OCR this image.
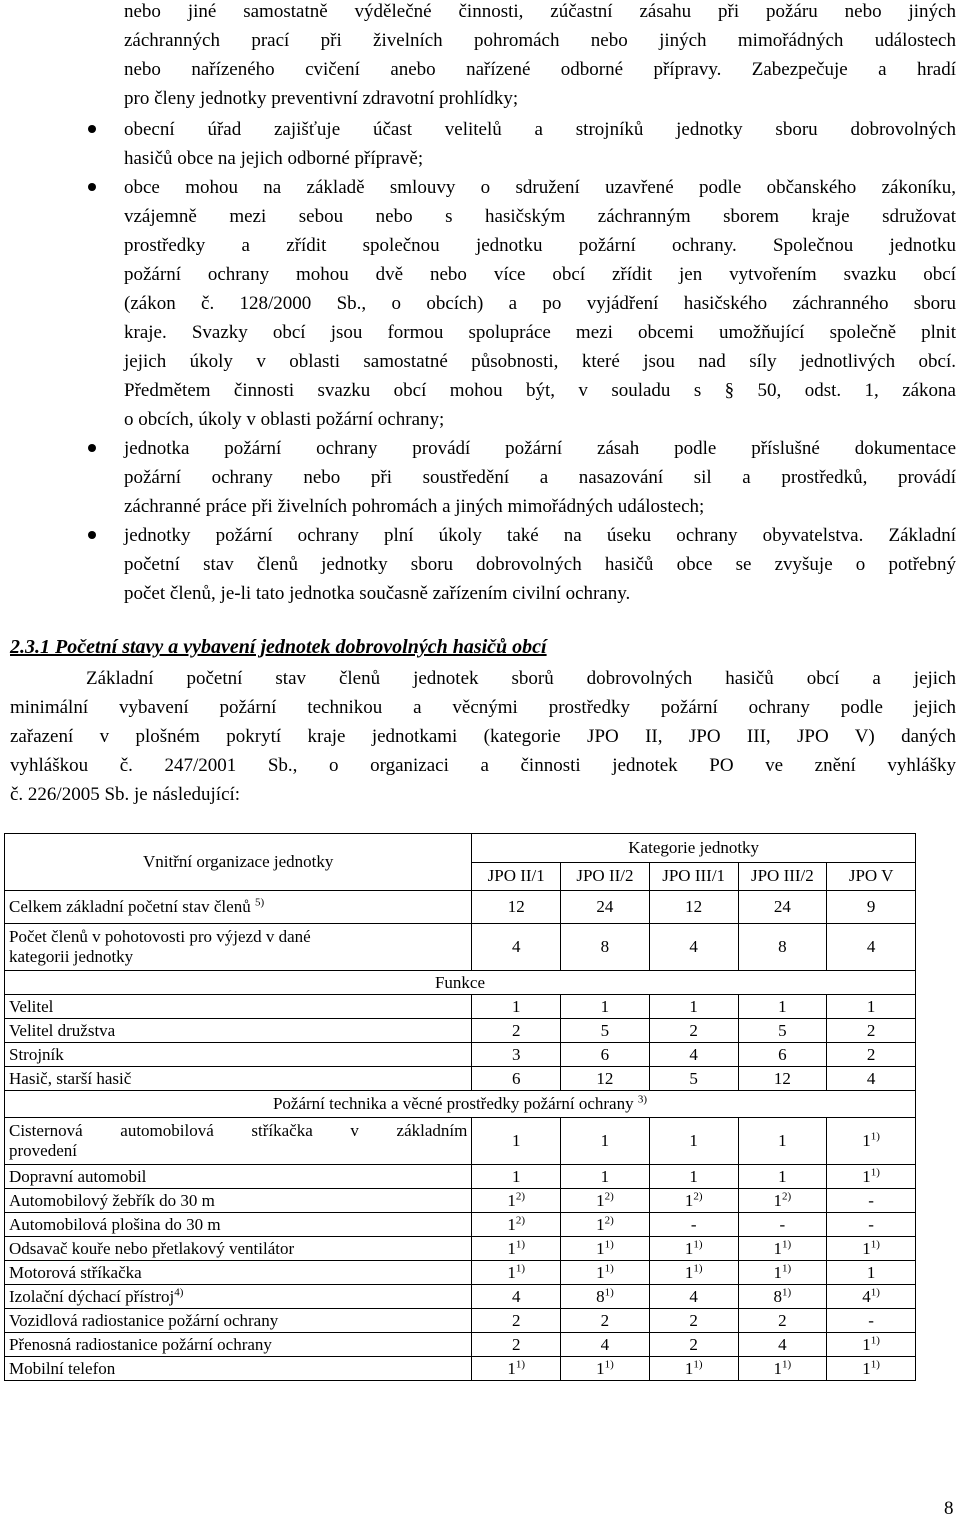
nebo jiné samostatně výdělečné činnosti, zúčastní zásahu při požáru nebo jiných
záchranných prací při živelních pohromách nebo jiných mimořádných událostech
nebo nařízeného cvičení anebo nařízené odborné přípravy. Zabezpečuje a hradí
pro členy jednotky preventivní zdravotní prohlídky;
obecní úřad zajišťuje účast velitelů a strojníků jednotky sboru dobrovolných
hasičů obce na jejich odborné přípravě;
obce mohou na základě smlouvy o sdružení uzavřené podle občanského zákoníku,
vzájemně mezi sebou nebo s hasičským záchranným sborem kraje sdružovat
prostředky a zřídit společnou jednotku požární ochrany. Společnou jednotku
požární ochrany mohou dvě nebo více obcí zřídit jen vytvořením svazku obcí
(zákon č. 128/2000 Sb., o obcích) a po vyjádření hasičského záchranného sboru
kraje. Svazky obcí jsou formou spolupráce mezi obcemi umožňující společně plnit
jejich úkoly v oblasti samostatné působnosti, které jsou nad síly jednotlivých obcí.
Předmětem činnosti svazku obcí mohou být, v souladu s § 50, odst. 1, zákona
o obcích, úkoly v oblasti požární ochrany;
jednotka požární ochrany provádí požární zásah podle příslušné dokumentace
požární ochrany nebo při soustředění a nasazování sil a prostředků, provádí
záchranné práce při živelních pohromách a jiných mimořádných událostech;
jednotky požární ochrany plní úkoly také na úseku ochrany obyvatelstva. Základní
početní stav členů jednotky sboru dobrovolných hasičů obce se zvyšuje o potřebný
počet členů, je-li tato jednotka současně zařízením civilní ochrany.
2.3.1 Početní stavy a vybavení jednotek dobrovolných hasičů obcí
Základní početní stav členů jednotek sborů dobrovolných hasičů obcí a jejich
minimální vybavení požární technikou a věcnými prostředky požární ochrany podle jejich
zařazení v plošném pokrytí kraje jednotkami (kategorie JPO II, JPO III, JPO V) daných
vyhláškou č. 247/2001 Sb., o organizaci a činnosti jednotek PO ve znění vyhlášky
č. 226/2005 Sb. je následující:
Vnitřní organizace jednotky	Kategorie jednotky				
	JPO II/1	JPO II/2	JPO III/1	JPO III/2	JPO V
Celkem základní početní stav členů $^{5)}$	12	24	12	24	9
Počet členů v pohotovosti pro výjezd v dané
kategorii jednotky	4	8	4	8	4
Funkce					
Velitel	1	1	1	1	1
Velitel družstva	2	5	2	5	2
Strojník	3	6	4	6	2
Hasič, starší hasič	6	12	5	12	4
Požární technika a věcné prostředky požární ochrany $^{3)}$

Cisternová automobilová stříkačka v základním
provedení	1	1	1	1	1$^{1)}$
Dopravní automobil	1	1	1	1	1$^{1)}$
Automobilový žebřík do 30 m	1$^{2)}$	1$^{2)}$	1$^{2)}$	1$^{2)}$	-
Automobilová plošina do 30 m	1$^{2)}$	1$^{2)}$	-	-	-
Odsavač kouře nebo přetlakový ventilátor	1$^{1)}$	1$^{1)}$	1$^{1)}$	1$^{1)}$	1$^{1)}$
Motorová stříkačka	1$^{1)}$	1$^{1)}$	1$^{1)}$	1$^{1)}$	1
Izolační dýchací přístroj$^{4)}$	4	8$^{1)}$	4	8$^{1)}$	4$^{1)}$
Vozidlová radiostanice požární ochrany	2	2	2	2	-
Přenosná radiostanice požární ochrany	2	4	2	4	1$^{1)}$
Mobilní telefon	1$^{1)}$	1$^{1)}$	1$^{1)}$	1$^{1)}$	1$^{1)}$
8
